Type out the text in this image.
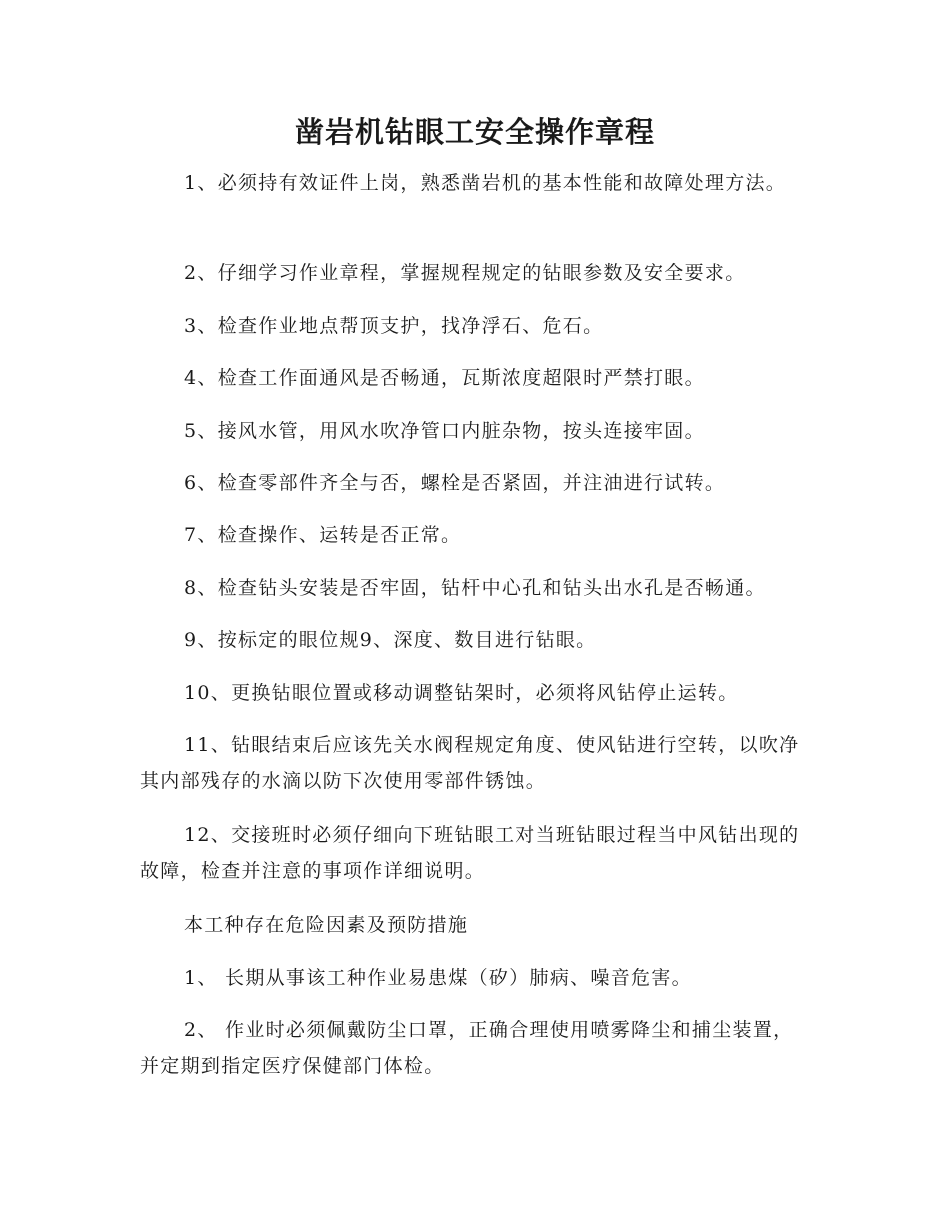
凿岩机钻眼工安全操作章程

1、必须持有效证件上岗，熟悉凿岩机的基本性能和故障处理方法。

2、仔细学习作业章程，掌握规程规定的钻眼参数及安全要求。

3、检查作业地点帮顶支护，找净浮石、危石。

4、检查工作面通风是否畅通，瓦斯浓度超限时严禁打眼。

5、接风水管，用风水吹净管口内脏杂物，按头连接牢固。

6、检查零部件齐全与否，螺栓是否紧固，并注油进行试转。

7、检查操作、运转是否正常。

8、检查钻头安装是否牢固，钻杆中心孔和钻头出水孔是否畅通。

9、按标定的眼位规9、深度、数目进行钻眼。

10、更换钻眼位置或移动调整钻架时，必须将风钻停止运转。

11、钻眼结束后应该先关水阀程规定角度、使风钻进行空转，以吹净其内部残存的水滴以防下次使用零部件锈蚀。

12、交接班时必须仔细向下班钻眼工对当班钻眼过程当中风钻出现的故障，检查并注意的事项作详细说明。

本工种存在危险因素及预防措施

1、 长期从事该工种作业易患煤（矽）肺病、噪音危害。

2、 作业时必须佩戴防尘口罩，正确合理使用喷雾降尘和捕尘装置，并定期到指定医疗保健部门体检。
